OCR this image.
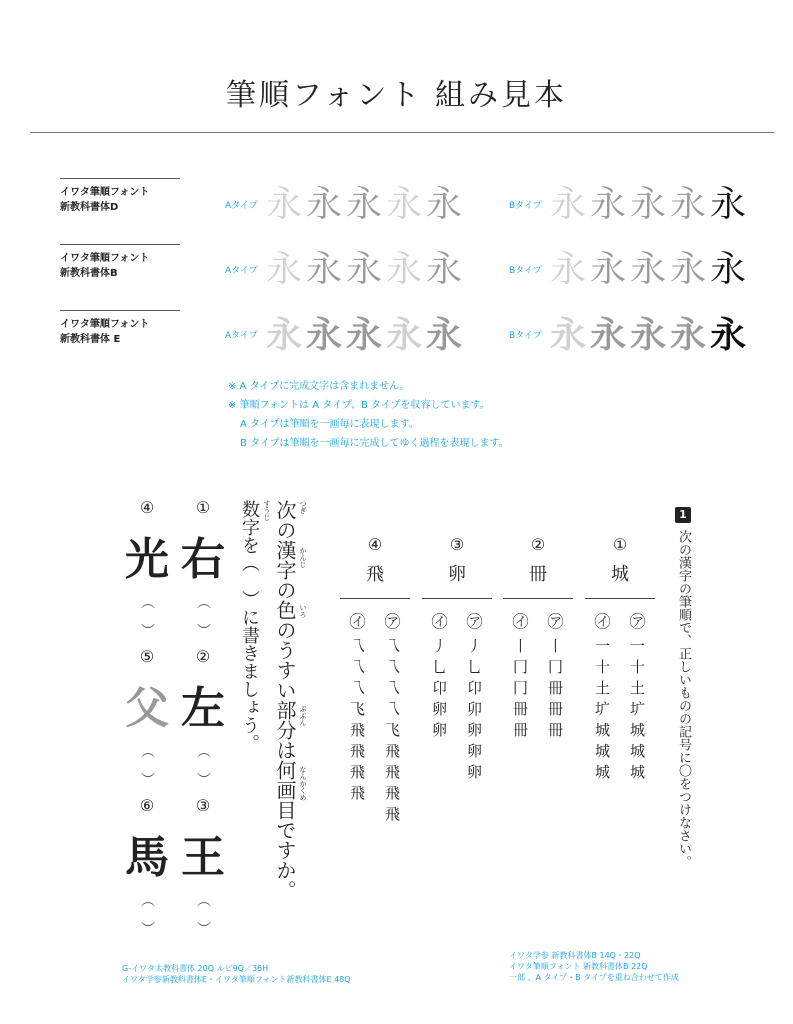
筆順フォント 組み見本
イワタ筆順フォント
新教科書体D	Aタイプ 永永永永永	Bタイプ 永永永永永
イワタ筆順フォント
新教科書体B	Aタイプ 永永永永永	Bタイプ 永永永永永
イワタ筆順フォント
新教科書体 E	Aタイプ 永永永永永	Bタイプ 永永永永永
※ A タイプに完成文字は含まれません。
※ 筆順フォントは A タイプ、B タイプを収容しています。
A タイプは筆順を一画毎に表現します。
B タイプは筆順を一画毎に完成してゆく過程を表現します。
④
光
（　）
⑤
父
（　）
⑥
馬
（　）
①
右
（　）
②
左
（　）
③
王
（　）
数字を（　）に書きましょう。 次の漢字の色のうすい部分は何画目ですか。 つぎ
かんじ
いろ
ぶぶん
なんかくめ
すうじ
④
飛
㋑
乁乁乁飞飛飛飛飛
㋐
乁乁乁乁飞飛飛飛飛
③
卵
㋑
丿乚卬卵卵
㋐
丿乚卬卯卵卵卵
②
冊
㋑
丨冂冂冊冊
㋐
丨冂冊冊冊
①
城
㋑
一十土圹城城城
㋐
一十土圹城城城
1
次の漢字の筆順で、正しいものの記号に〇をつけなさい。
G-イワタ太教科書体 20Q ルビ9Q／36H
イワタ学参新教科書体E・イワタ筆順フォント新教科書体E 48Q
イワタ学参 新教科書体B 14Q・22Q
イワタ筆順フォント 新教科書体B 22Q
一部 、A タイプ・B タイプを重ね合わせて作成
